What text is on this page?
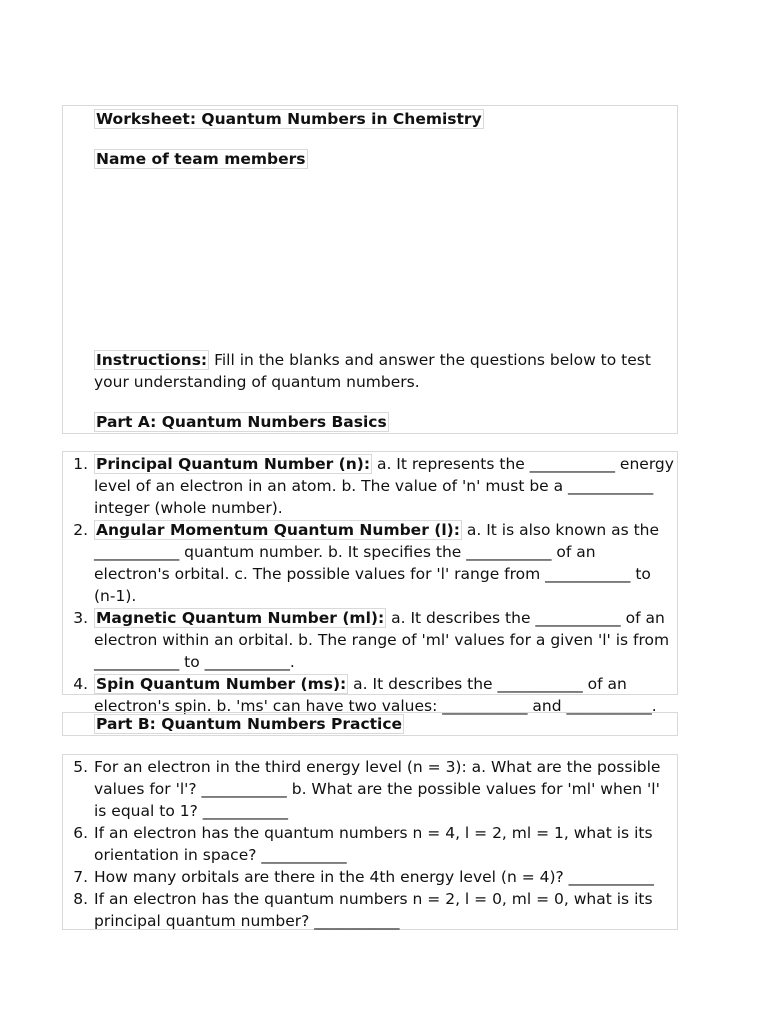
Worksheet: Quantum Numbers in Chemistry
Name of team members
Instructions: Fill in the blanks and answer the questions below to test your understanding of quantum numbers.
Part A: Quantum Numbers Basics
1. Principal Quantum Number (n): a. It represents the ___________ energy level of an electron in an atom. b. The value of 'n' must be a ___________ integer (whole number).
2. Angular Momentum Quantum Number (l): a. It is also known as the ___________ quantum number. b. It specifies the ___________ of an electron's orbital. c. The possible values for 'l' range from ___________ to (n-1).
3. Magnetic Quantum Number (ml): a. It describes the ___________ of an electron within an orbital. b. The range of 'ml' values for a given 'l' is from ___________ to ___________.
4. Spin Quantum Number (ms): a. It describes the ___________ of an electron's spin. b. 'ms' can have two values: ___________ and ___________.
Part B: Quantum Numbers Practice
5. For an electron in the third energy level (n = 3): a. What are the possible values for 'l'? ___________ b. What are the possible values for 'ml' when 'l' is equal to 1? ___________
6. If an electron has the quantum numbers n = 4, l = 2, ml = 1, what is its orientation in space? ___________
7. How many orbitals are there in the 4th energy level (n = 4)? ___________
8. If an electron has the quantum numbers n = 2, l = 0, ml = 0, what is its principal quantum number? ___________
